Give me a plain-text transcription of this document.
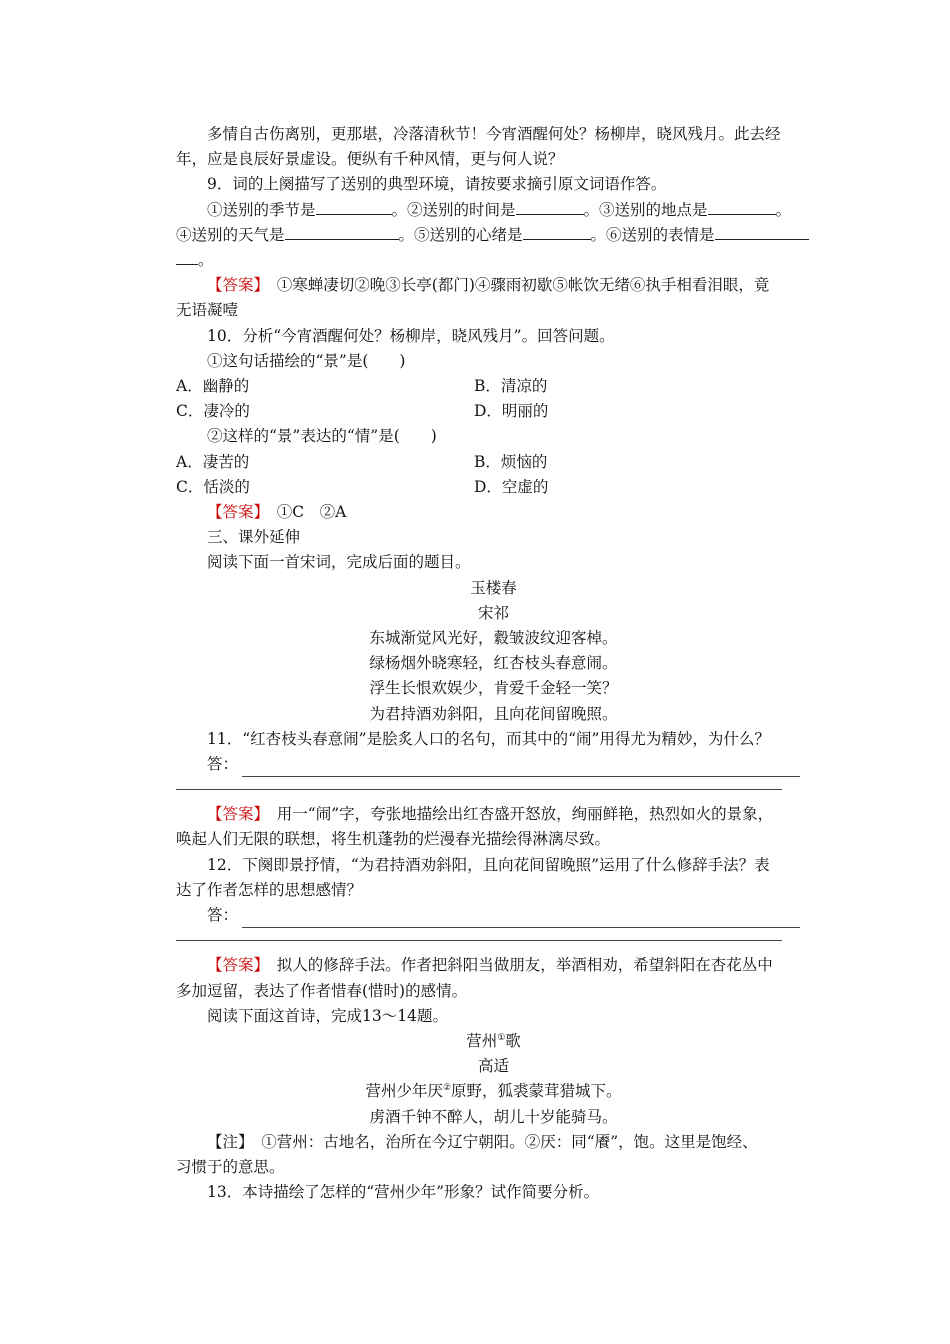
多情自古伤离别，更那堪，冷落清秋节！今宵酒醒何处？杨柳岸，晓风残月。此去经

年，应是良辰好景虚设。便纵有千种风情，更与何人说？

9．词的上阕描写了送别的典型环境，请按要求摘引原文词语作答。

①送别的季节是	。②送别的时间是	。③送别的地点是	。

④送别的天气是	。⑤送别的心绪是	。⑥送别的表情是

。

【答案】　 ①寒蝉凄切②晚③长亭(都门)④骤雨初歇⑤帐饮无绪⑥执手相看泪眼，竟

无语凝噎

10．分析“今宵酒醒何处？杨柳岸，晓风残月”。回答问题。

①这句话描绘的“景”是(　　)

A．幽静的	B．清凉的
C．凄冷的	D．明丽的

②这样的“景”表达的“情”是(　　)

A．凄苦的	B．烦恼的
C．恬淡的	D．空虚的

【答案】　 ①C　②A

三、课外延伸

阅读下面一首宋词，完成后面的题目。

玉楼春

宋祁

东城渐觉风光好，縠皱波纹迎客棹。

绿杨烟外晓寒轻，红杏枝头春意闹。

浮生长恨欢娱少，肯爱千金轻一笑？

为君持酒劝斜阳，且向花间留晚照。

11．“红杏枝头春意闹”是脍炙人口的名句，而其中的“闹”用得尤为精妙，为什么？

答：

【答案】　 用一“闹”字，夸张地描绘出红杏盛开怒放，绚丽鲜艳，热烈如火的景象，

唤起人们无限的联想，将生机蓬勃的烂漫春光描绘得淋漓尽致。

12．下阕即景抒情，“为君持酒劝斜阳，且向花间留晚照”运用了什么修辞手法？表

达了作者怎样的思想感情？

答：

【答案】　 拟人的修辞手法。作者把斜阳当做朋友，举酒相劝，希望斜阳在杏花丛中

多加逗留，表达了作者惜春(惜时)的感情。

阅读下面这首诗，完成13～14题。

营州①歌

高适

营州少年厌②原野，狐裘蒙茸猎城下。

虏酒千钟不醉人，胡儿十岁能骑马。

【注】　 ①营州：古地名，治所在今辽宁朝阳。②厌：同“餍”，饱。这里是饱经、

习惯于的意思。

13．本诗描绘了怎样的“营州少年”形象？试作简要分析。
